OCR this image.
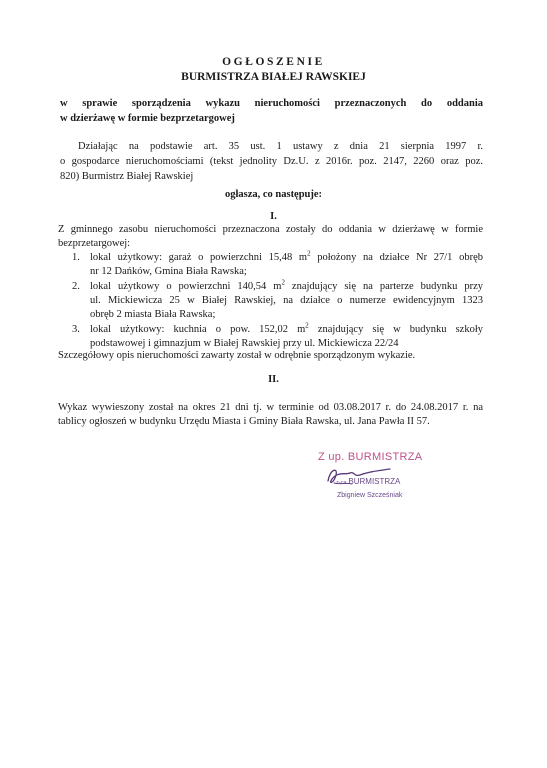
OGŁOSZENIE
BURMISTRZA BIAŁEJ RAWSKIEJ
w sprawie sporządzenia wykazu nieruchomości przeznaczonych do oddania
w dzierżawę w formie bezprzetargowej
Działając na podstawie art. 35 ust. 1 ustawy z dnia 21 sierpnia 1997 r.
o gospodarce nieruchomościami (tekst jednolity Dz.U. z 2016r. poz. 2147, 2260 oraz poz.
820) Burmistrz Białej Rawskiej
ogłasza, co następuje:
I.
Z gminnego zasobu nieruchomości przeznaczona zostały do oddania w dzierżawę w formie
bezprzetargowej:
1. lokal użytkowy: garaż o powierzchni 15,48 $m^2$ położony na działce Nr 27/1 obręb
nr 12 Dańków, Gmina Biała Rawska;
2. lokal użytkowy o powierzchni 140,54 $m^2$ znajdujący się na parterze budynku przy
ul. Mickiewicza 25 w Białej Rawskiej, na działce o numerze ewidencyjnym 1323
obręb 2 miasta Biała Rawska;
3. lokal użytkowy: kuchnia o pow. 152,02 $m^2$ znajdujący się w budynku szkoły
podstawowej i gimnazjum w Białej Rawskiej przy ul. Mickiewicza 22/24
Szczegółowy opis nieruchomości zawarty został w odrębnie sporządzonym wykazie.
II.
Wykaz wywieszony został na okres 21 dni tj. w terminie od 03.08.2017 r. do 24.08.2017 r. na
tablicy ogłoszeń w budynku Urzędu Miasta i Gminy Biała Rawska, ul. Jana Pawła II 57.
Z up. BURMISTRZA
z-ca BURMISTRZA
Zbigniew Szcześniak
